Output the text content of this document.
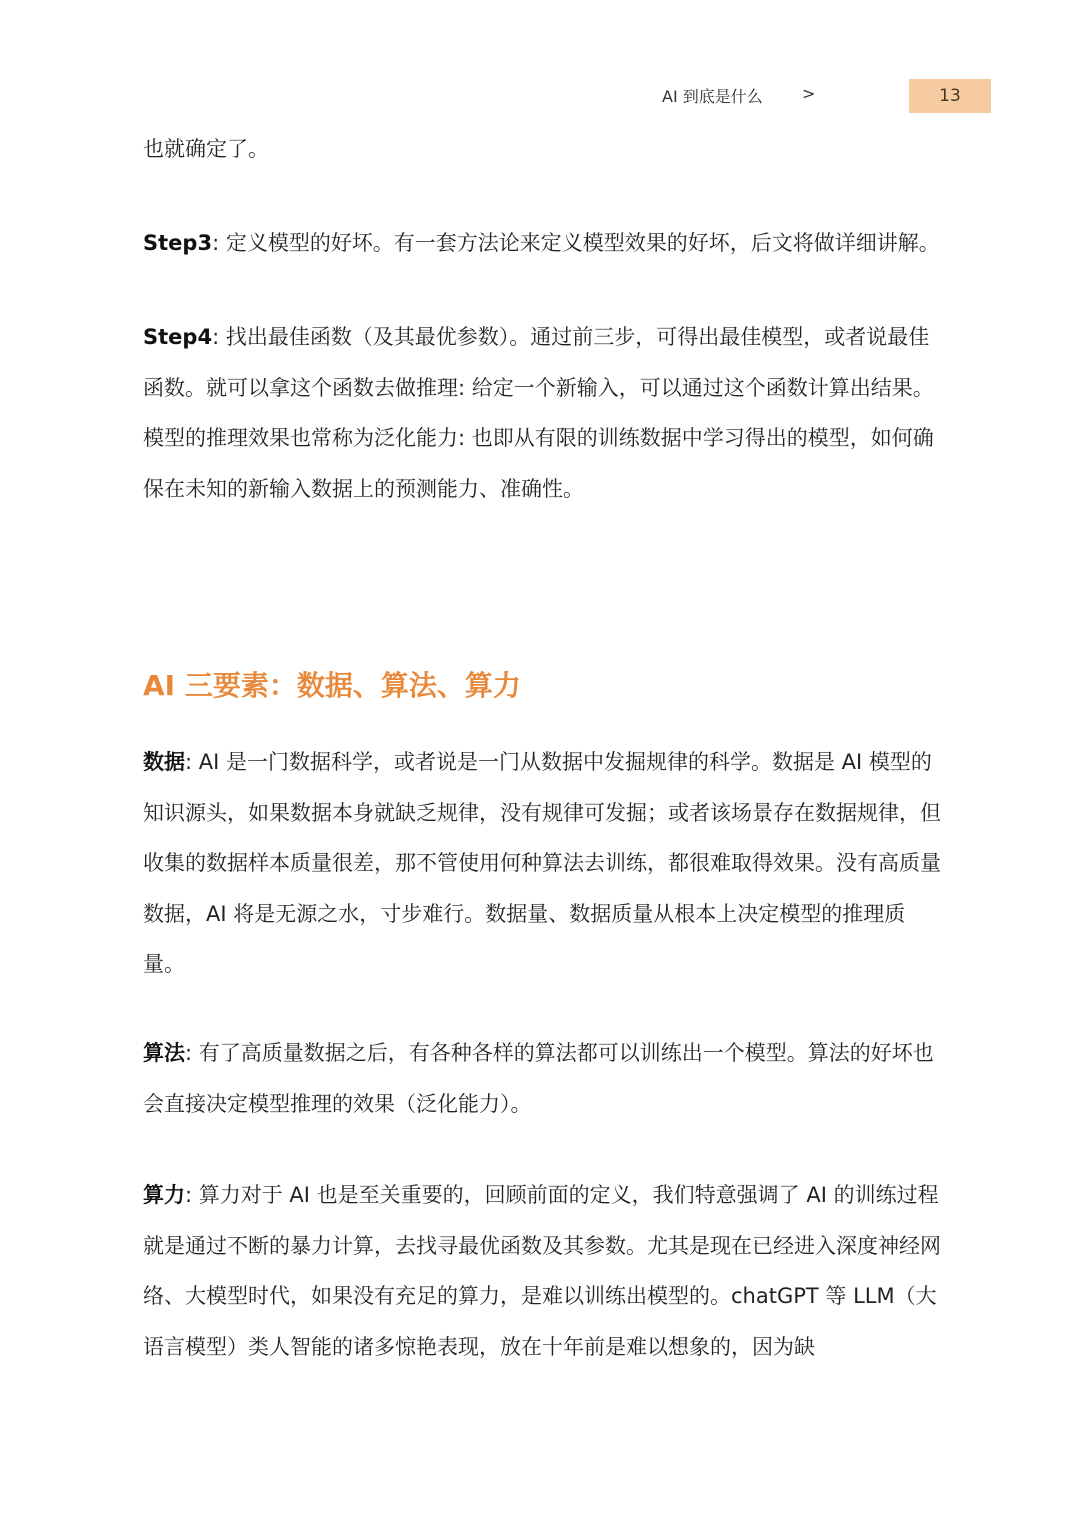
AI 到底是什么 >	13

也就确定了。

Step3: 定义模型的好坏。有一套方法论来定义模型效果的好坏，后文将做详细讲解。

Step4: 找出最佳函数（及其最优参数）。通过前三步，可得出最佳模型，或者说最佳函数。就可以拿这个函数去做推理: 给定一个新输入，可以通过这个函数计算出结果。模型的推理效果也常称为泛化能力: 也即从有限的训练数据中学习得出的模型，如何确保在未知的新输入数据上的预测能力、准确性。

AI 三要素：数据、算法、算力

数据: AI 是一门数据科学，或者说是一门从数据中发掘规律的科学。数据是 AI 模型的知识源头，如果数据本身就缺乏规律，没有规律可发掘；或者该场景存在数据规律，但收集的数据样本质量很差，那不管使用何种算法去训练，都很难取得效果。没有高质量数据，AI 将是无源之水，寸步难行。数据量、数据质量从根本上决定模型的推理质量。

算法: 有了高质量数据之后，有各种各样的算法都可以训练出一个模型。算法的好坏也会直接决定模型推理的效果（泛化能力）。

算力: 算力对于 AI 也是至关重要的，回顾前面的定义，我们特意强调了 AI 的训练过程就是通过不断的暴力计算，去找寻最优函数及其参数。尤其是现在已经进入深度神经网络、大模型时代，如果没有充足的算力，是难以训练出模型的。chatGPT 等 LLM（大语言模型）类人智能的诸多惊艳表现，放在十年前是难以想象的，因为缺
